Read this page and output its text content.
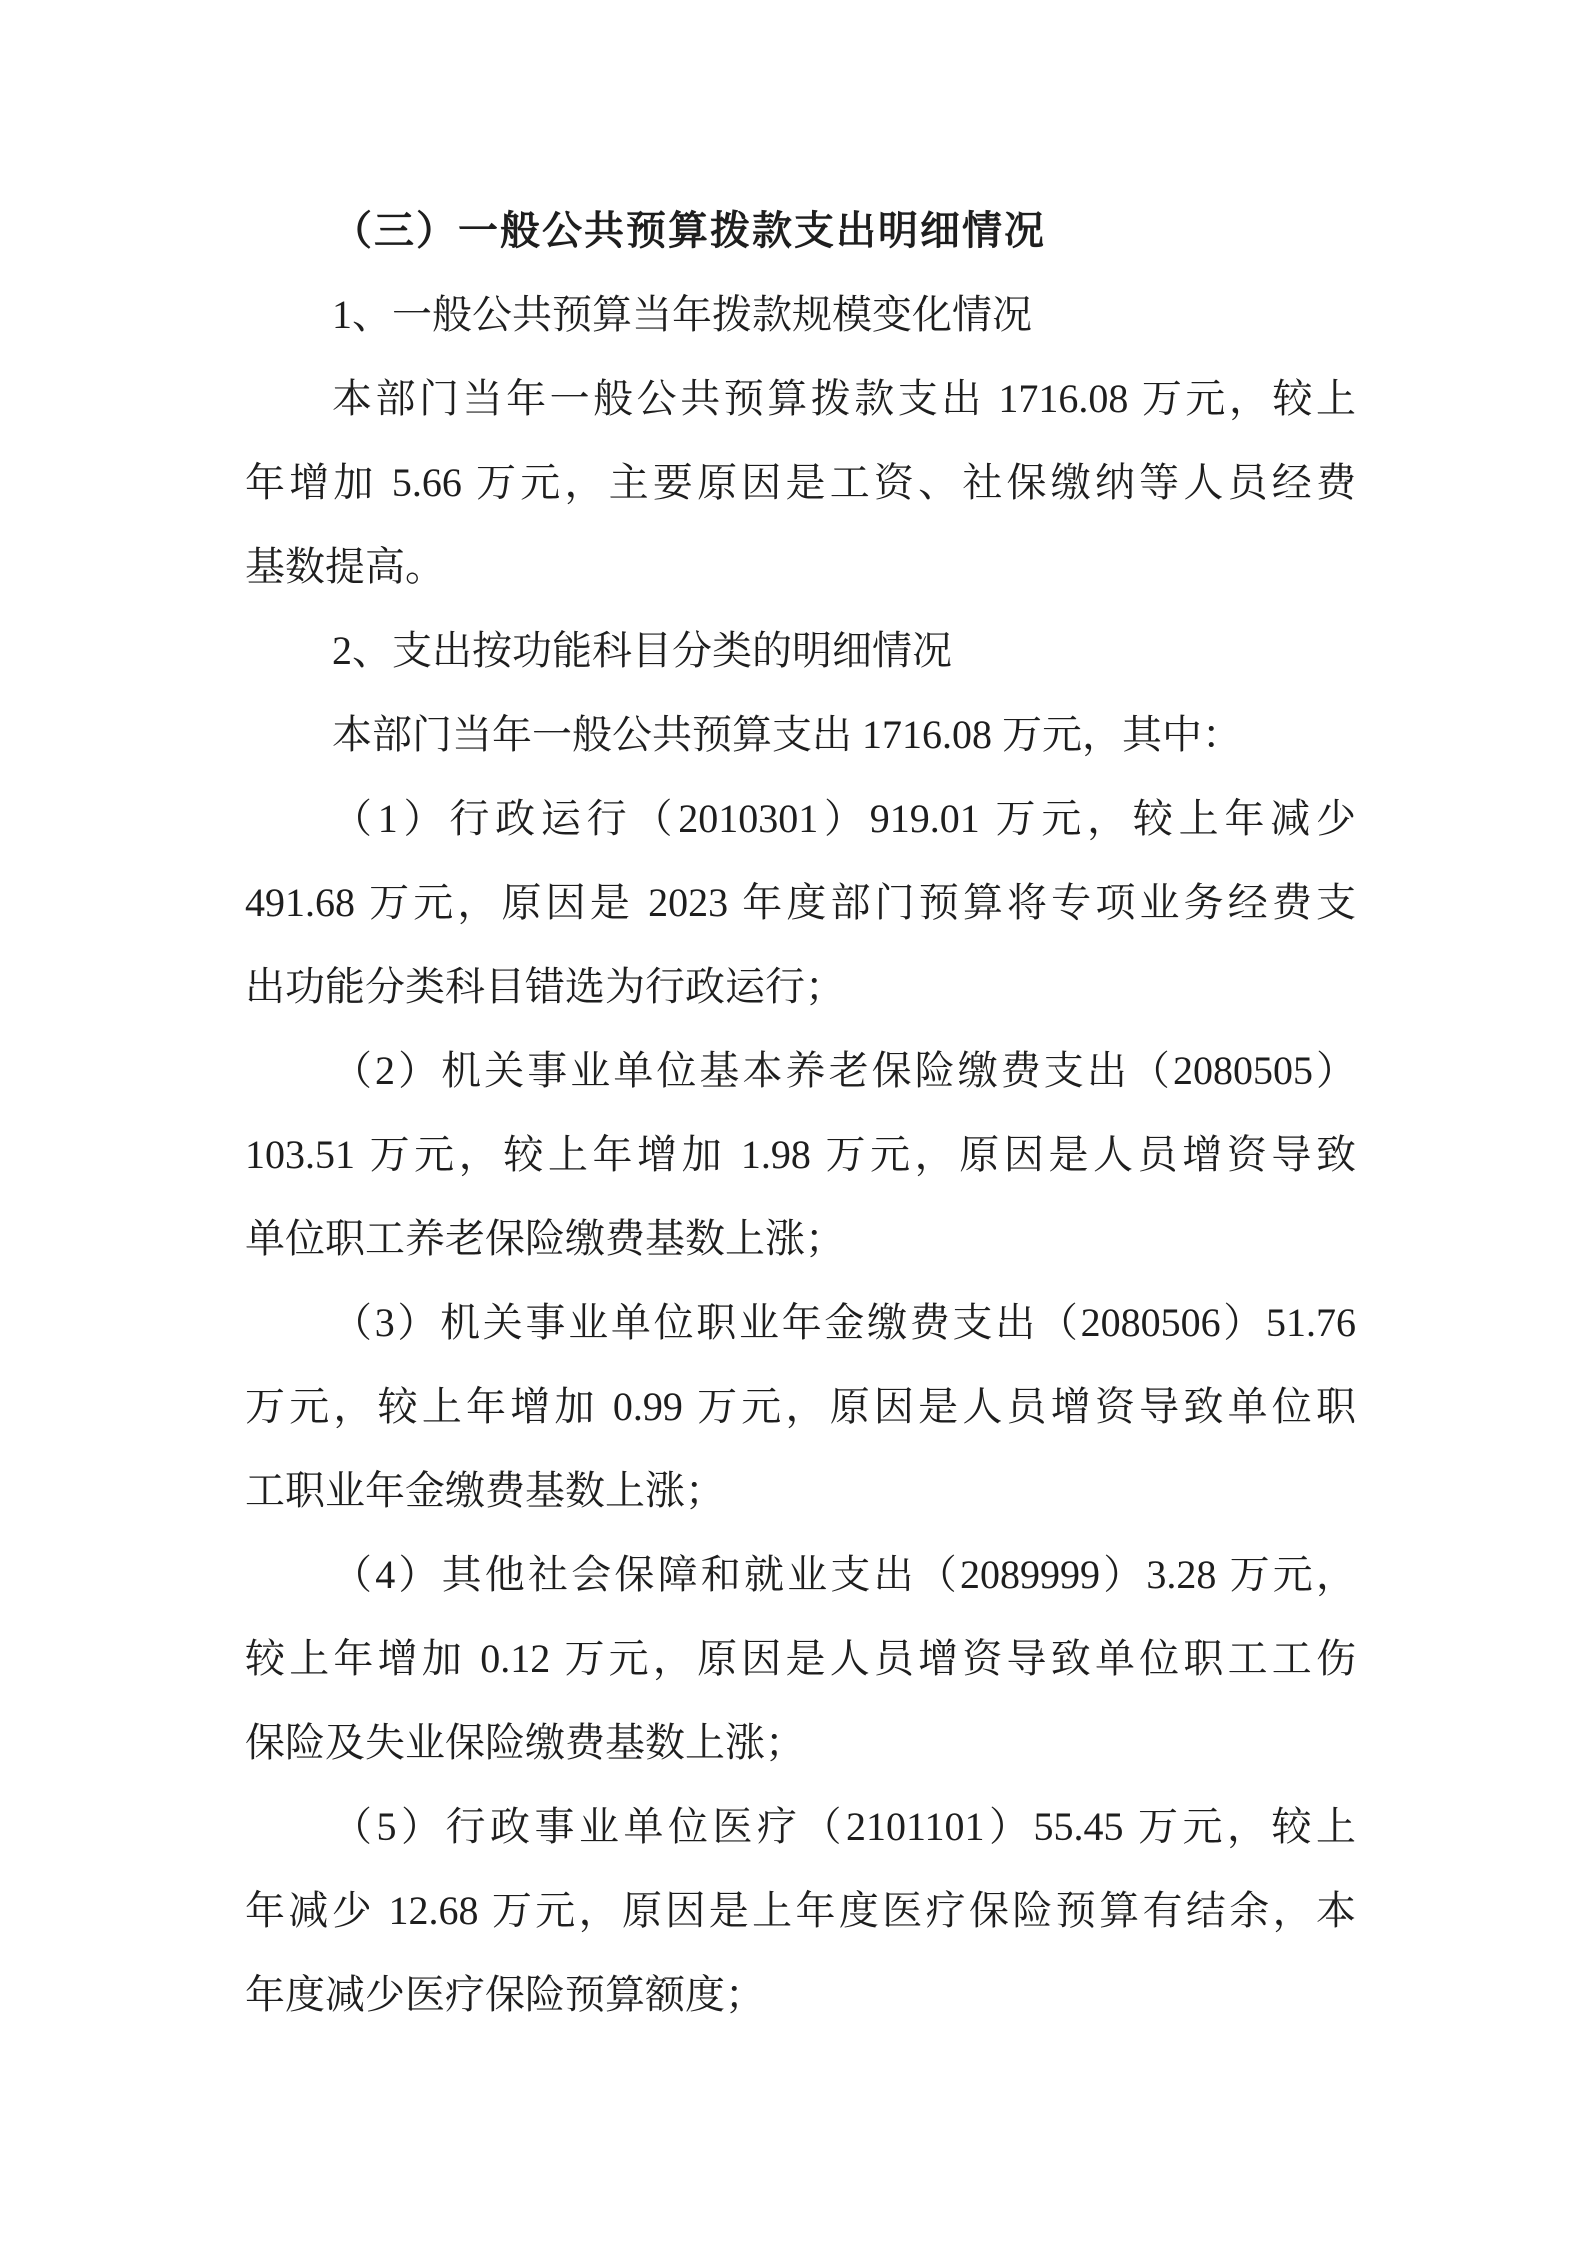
（三）一般公共预算拨款支出明细情况
1、一般公共预算当年拨款规模变化情况
本部门当年一般公共预算拨款支出 1716.08 万元，较上
年增加 5.66 万元，主要原因是工资、社保缴纳等人员经费
基数提高。
2、支出按功能科目分类的明细情况
本部门当年一般公共预算支出 1716.08 万元，其中：
（1）行政运行（2010301）919.01 万元，较上年减少
491.68 万元，原因是 2023 年度部门预算将专项业务经费支
出功能分类科目错选为行政运行；
（2）机关事业单位基本养老保险缴费支出（2080505）
103.51 万元，较上年增加 1.98 万元，原因是人员增资导致
单位职工养老保险缴费基数上涨；
（3）机关事业单位职业年金缴费支出（2080506）51.76
万元，较上年增加 0.99 万元，原因是人员增资导致单位职
工职业年金缴费基数上涨；
（4）其他社会保障和就业支出（2089999）3.28 万元，
较上年增加 0.12 万元，原因是人员增资导致单位职工工伤
保险及失业保险缴费基数上涨；
（5）行政事业单位医疗（2101101）55.45 万元，较上
年减少 12.68 万元，原因是上年度医疗保险预算有结余，本
年度减少医疗保险预算额度；
